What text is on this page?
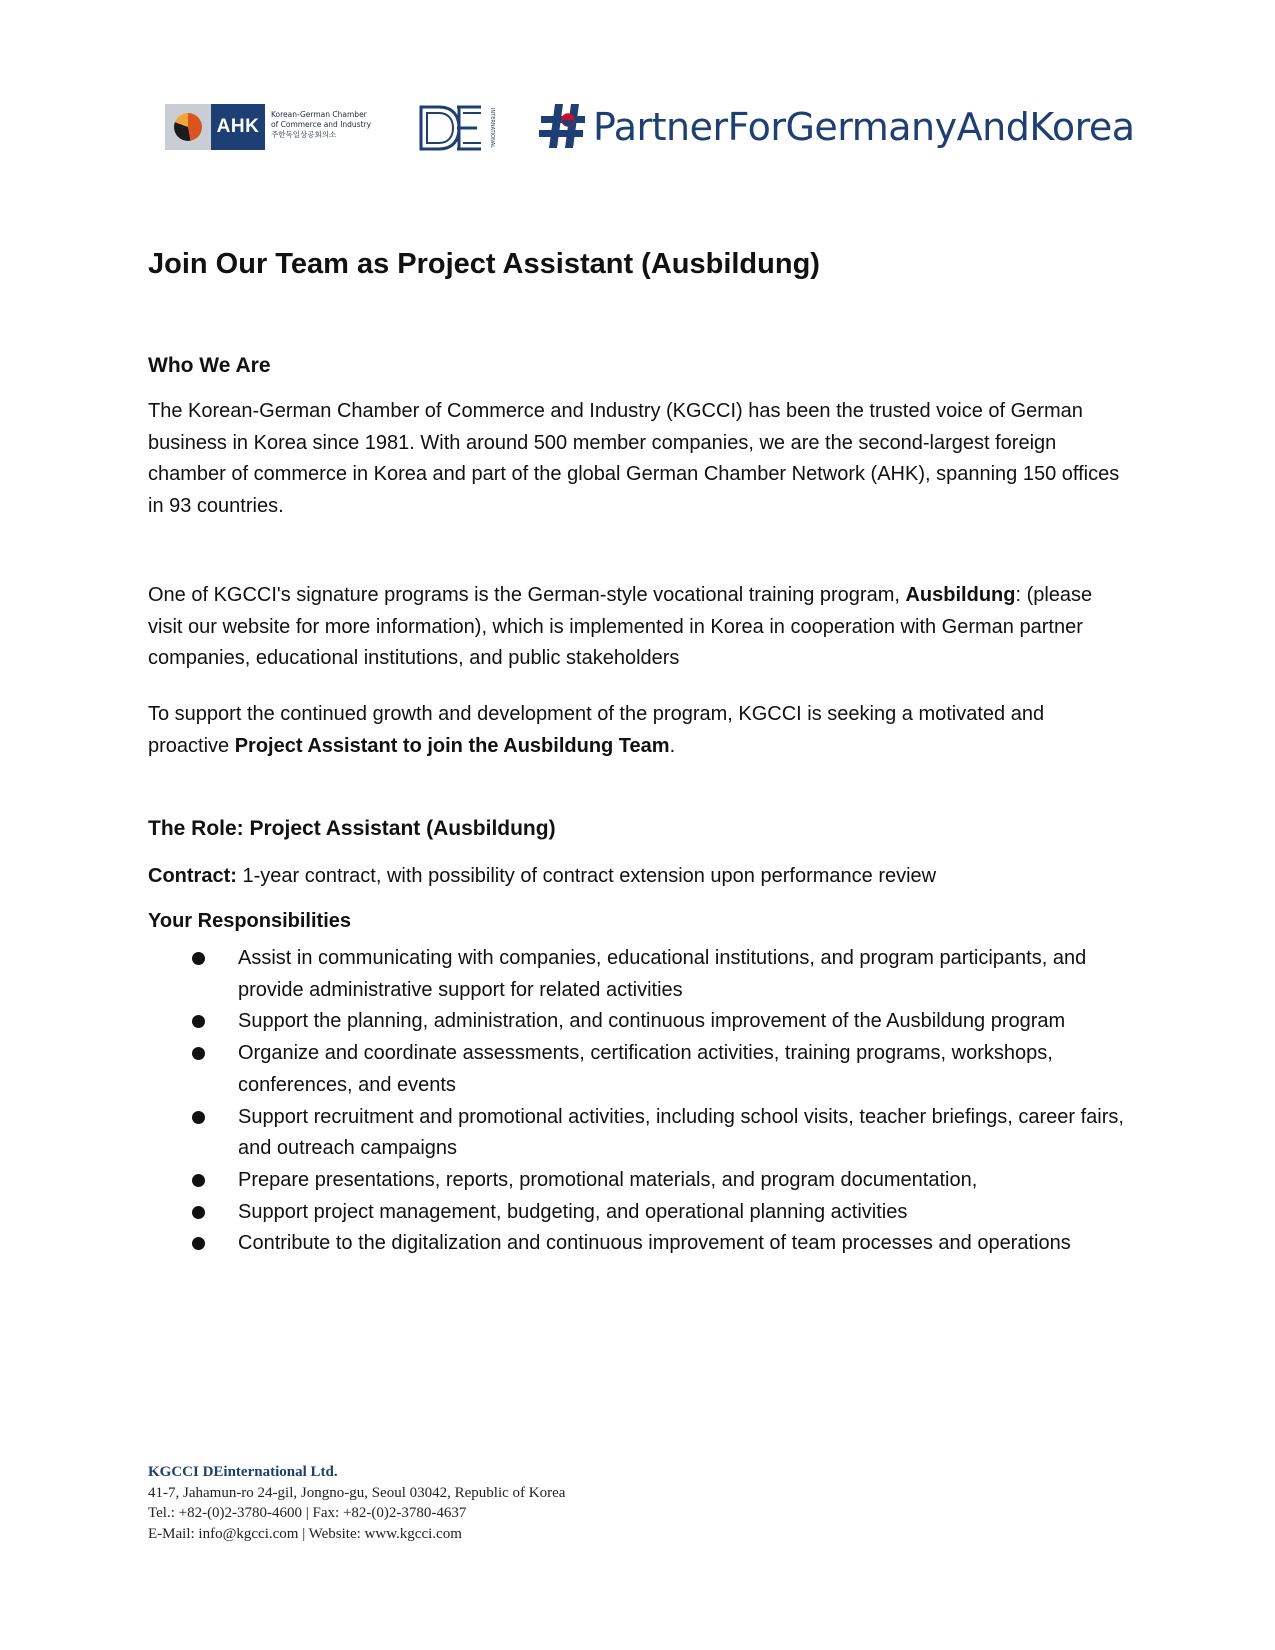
AHK
Korean-German Chamber
of Commerce and Industry
주한독일상공회의소	INTERNATIONAL	PartnerForGermanyAndKorea
Join Our Team as Project Assistant (Ausbildung)
Who We Are
The Korean-German Chamber of Commerce and Industry (KGCCI) has been the trusted voice of German business in Korea since 1981. With around 500 member companies, we are the second-largest foreign chamber of commerce in Korea and part of the global German Chamber Network (AHK), spanning 150 offices in 93 countries.
One of KGCCI's signature programs is the German-style vocational training program, Ausbildung: (please visit our website for more information), which is implemented in Korea in cooperation with German partner companies, educational institutions, and public stakeholders
To support the continued growth and development of the program, KGCCI is seeking a motivated and proactive Project Assistant to join the Ausbildung Team.
The Role: Project Assistant (Ausbildung)
Contract: 1-year contract, with possibility of contract extension upon performance review
Your Responsibilities
Assist in communicating with companies, educational institutions, and program participants, and provide administrative support for related activities
Support the planning, administration, and continuous improvement of the Ausbildung program
Organize and coordinate assessments, certification activities, training programs, workshops, conferences, and events
Support recruitment and promotional activities, including school visits, teacher briefings, career fairs, and outreach campaigns
Prepare presentations, reports, promotional materials, and program documentation,
Support project management, budgeting, and operational planning activities
Contribute to the digitalization and continuous improvement of team processes and operations
KGCCI DEinternational Ltd.
41-7, Jahamun-ro 24-gil, Jongno-gu, Seoul 03042, Republic of Korea
Tel.: +82-(0)2-3780-4600 | Fax: +82-(0)2-3780-4637
E-Mail: info@kgcci.com | Website: www.kgcci.com
